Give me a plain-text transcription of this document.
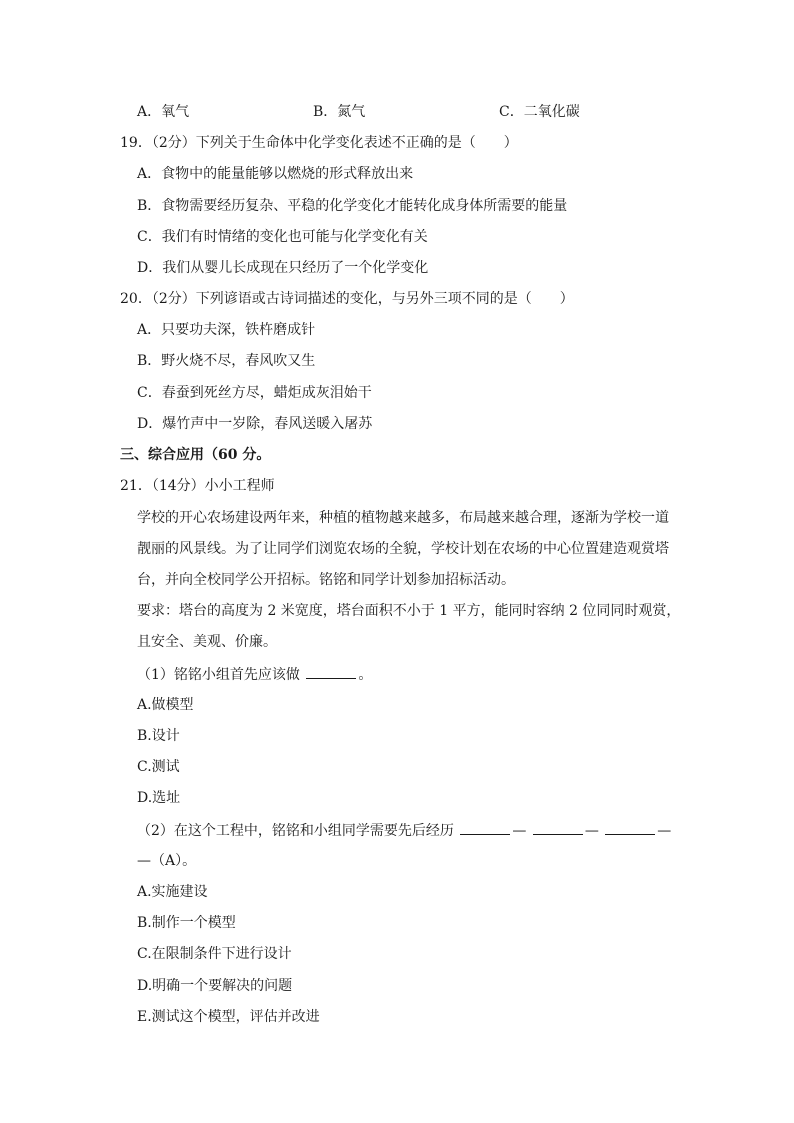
A．氧气	B．氮气	C．二氧化碳
19．（2分）下列关于生命体中化学变化表述不正确的是（　　）
A．食物中的能量能够以燃烧的形式释放出来
B．食物需要经历复杂、平稳的化学变化才能转化成身体所需要的能量
C．我们有时情绪的变化也可能与化学变化有关
D．我们从婴儿长成现在只经历了一个化学变化
20．（2分）下列谚语或古诗词描述的变化，与另外三项不同的是（　　）
A．只要功夫深，铁杵磨成针
B．野火烧不尽，春风吹又生
C．春蚕到死丝方尽，蜡炬成灰泪始干
D．爆竹声中一岁除，春风送暖入屠苏
三、综合应用（60 分。
21．（14分）小小工程师
学校的开心农场建设两年来，种植的植物越来越多，布局越来越合理，逐渐为学校一道
靓丽的风景线。为了让同学们浏览农场的全貌，学校计划在农场的中心位置建造观赏塔
台，并向全校同学公开招标。铭铭和同学计划参加招标活动。
要求：塔台的高度为 2 米宽度，塔台面积不小于 1 平方，能同时容纳 2 位同同时观赏，
且安全、美观、价廉。
（1）铭铭小组首先应该做	。
A.做模型
B.设计
C.测试
D.选址
（2）在这个工程中，铭铭和小组同学需要先后经历	—	—	—
—（A）。
A.实施建设
B.制作一个模型
C.在限制条件下进行设计
D.明确一个要解决的问题
E.测试这个模型，评估并改进
